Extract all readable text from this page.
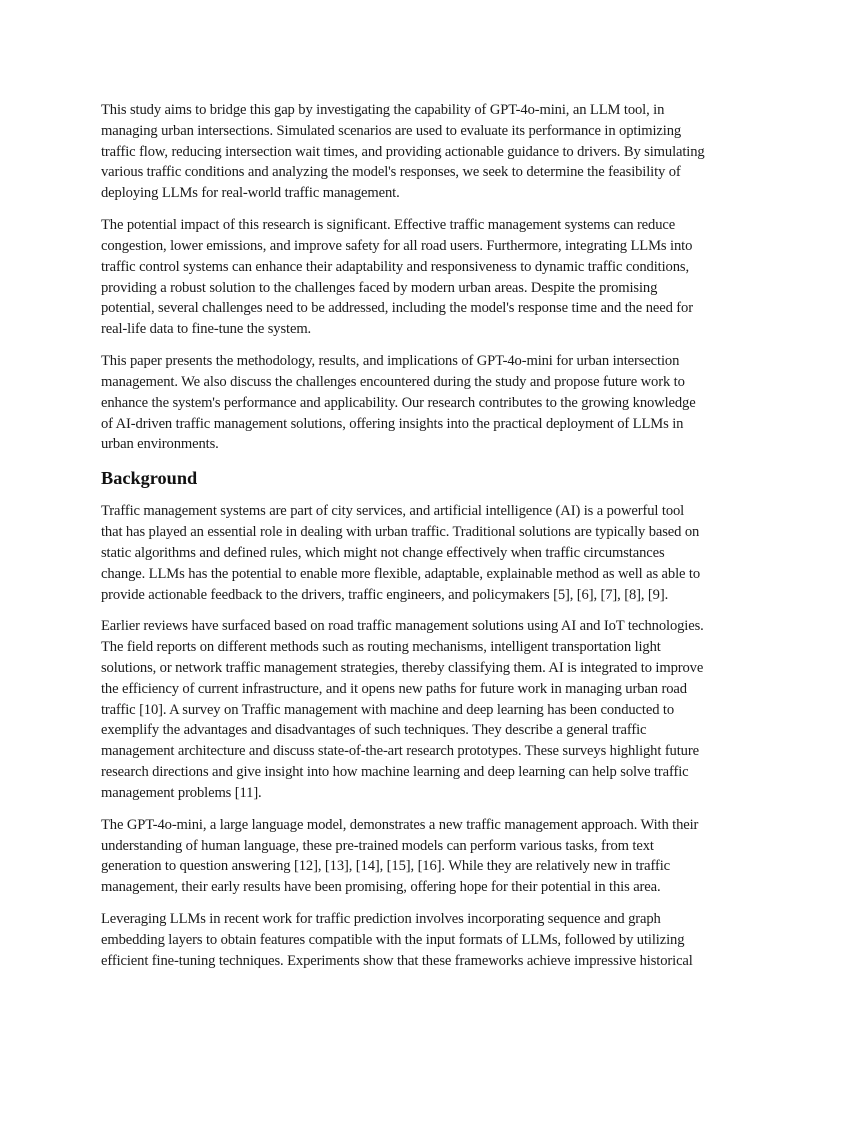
This study aims to bridge this gap by investigating the capability of GPT-4o-mini, an LLM tool, in
managing urban intersections. Simulated scenarios are used to evaluate its performance in optimizing
traffic flow, reducing intersection wait times, and providing actionable guidance to drivers. By simulating
various traffic conditions and analyzing the model's responses, we seek to determine the feasibility of
deploying LLMs for real-world traffic management.

The potential impact of this research is significant. Effective traffic management systems can reduce
congestion, lower emissions, and improve safety for all road users. Furthermore, integrating LLMs into
traffic control systems can enhance their adaptability and responsiveness to dynamic traffic conditions,
providing a robust solution to the challenges faced by modern urban areas. Despite the promising
potential, several challenges need to be addressed, including the model's response time and the need for
real-life data to fine-tune the system.

This paper presents the methodology, results, and implications of GPT-4o-mini for urban intersection
management. We also discuss the challenges encountered during the study and propose future work to
enhance the system's performance and applicability. Our research contributes to the growing knowledge
of AI-driven traffic management solutions, offering insights into the practical deployment of LLMs in
urban environments.

Background

Traffic management systems are part of city services, and artificial intelligence (AI) is a powerful tool
that has played an essential role in dealing with urban traffic. Traditional solutions are typically based on
static algorithms and defined rules, which might not change effectively when traffic circumstances
change. LLMs has the potential to enable more flexible, adaptable, explainable method as well as able to
provide actionable feedback to the drivers, traffic engineers, and policymakers [5], [6], [7], [8], [9].

Earlier reviews have surfaced based on road traffic management solutions using AI and IoT technologies.
The field reports on different methods such as routing mechanisms, intelligent transportation light
solutions, or network traffic management strategies, thereby classifying them. AI is integrated to improve
the efficiency of current infrastructure, and it opens new paths for future work in managing urban road
traffic [10]. A survey on Traffic management with machine and deep learning has been conducted to
exemplify the advantages and disadvantages of such techniques. They describe a general traffic
management architecture and discuss state-of-the-art research prototypes. These surveys highlight future
research directions and give insight into how machine learning and deep learning can help solve traffic
management problems [11].

The GPT-4o-mini, a large language model, demonstrates a new traffic management approach. With their
understanding of human language, these pre-trained models can perform various tasks, from text
generation to question answering [12], [13], [14], [15], [16]. While they are relatively new in traffic
management, their early results have been promising, offering hope for their potential in this area.

Leveraging LLMs in recent work for traffic prediction involves incorporating sequence and graph
embedding layers to obtain features compatible with the input formats of LLMs, followed by utilizing
efficient fine-tuning techniques. Experiments show that these frameworks achieve impressive historical
